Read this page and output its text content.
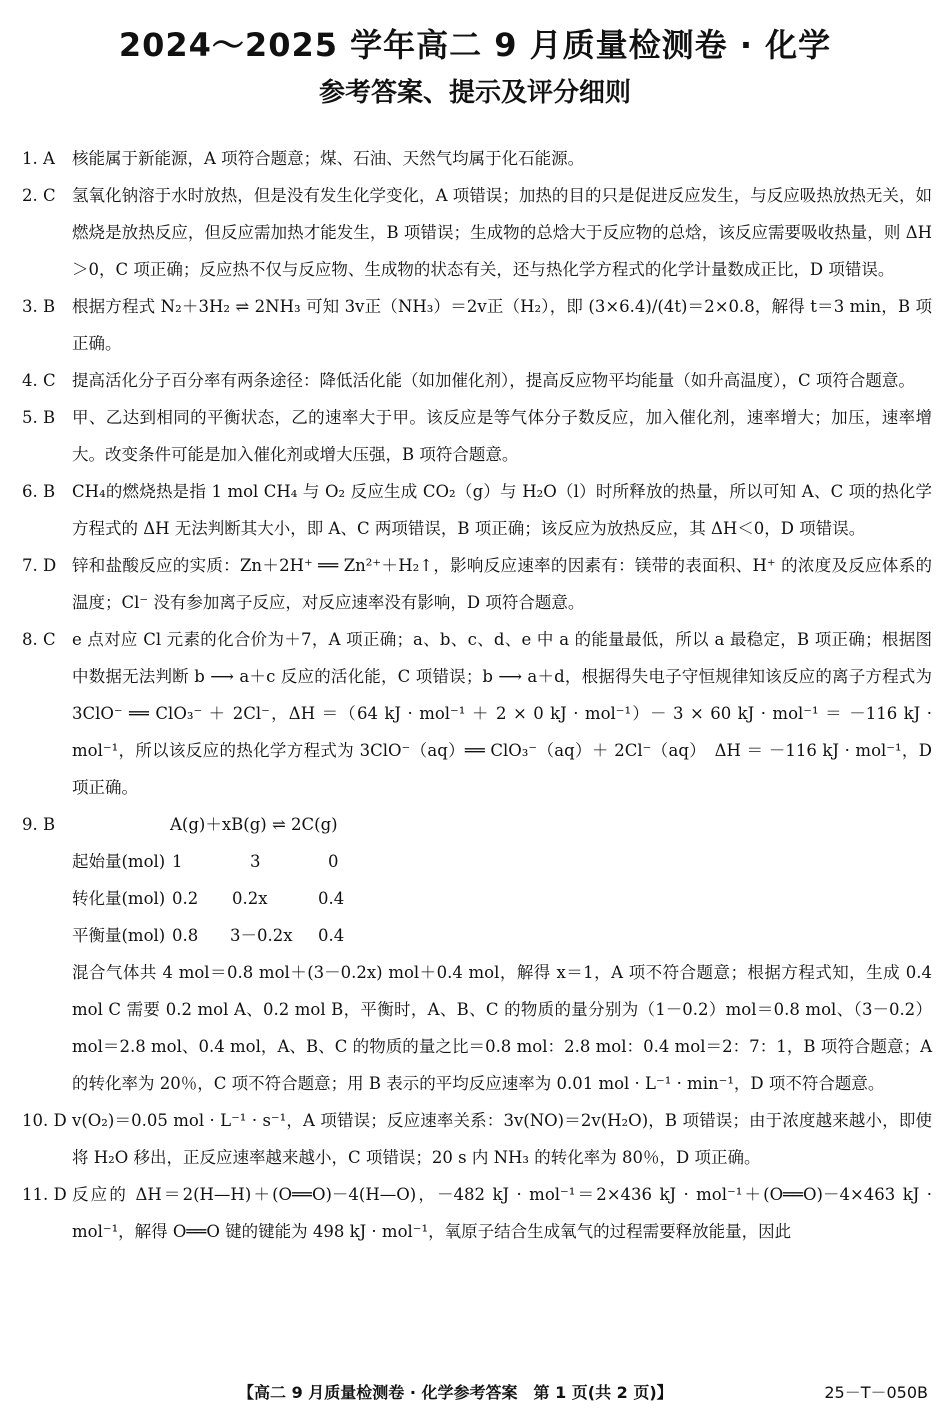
2024～2025 学年高二 9 月质量检测卷 · 化学
参考答案、提示及评分细则

1. A 核能属于新能源，A 项符合题意；煤、石油、天然气均属于化石能源。

2. C 氢氧化钠溶于水时放热，但是没有发生化学变化，A 项错误；加热的目的只是促进反应发生，与反应吸热放热无关，如燃烧是放热反应，但反应需加热才能发生，B 项错误；生成物的总焓大于反应物的总焓，该反应需要吸收热量，则 ΔH＞0，C 项正确；反应热不仅与反应物、生成物的状态有关，还与热化学方程式的化学计量数成正比，D 项错误。

3. B 根据方程式 N₂＋3H₂ ⇌ 2NH₃ 可知 3v正（NH₃）＝2v正（H₂），即 (3×6.4)/(4t)＝2×0.8，解得 t＝3 min，B 项正确。

4. C 提高活化分子百分率有两条途径：降低活化能（如加催化剂），提高反应物平均能量（如升高温度），C 项符合题意。

5. B 甲、乙达到相同的平衡状态，乙的速率大于甲。该反应是等气体分子数反应，加入催化剂，速率增大；加压，速率增大。改变条件可能是加入催化剂或增大压强，B 项符合题意。

6. B CH₄的燃烧热是指 1 mol CH₄ 与 O₂ 反应生成 CO₂（g）与 H₂O（l）时所释放的热量，所以可知 A、C 项的热化学方程式的 ΔH 无法判断其大小，即 A、C 两项错误，B 项正确；该反应为放热反应，其 ΔH＜0，D 项错误。

7. D 锌和盐酸反应的实质：Zn＋2H⁺ ══ Zn²⁺＋H₂↑，影响反应速率的因素有：镁带的表面积、H⁺ 的浓度及反应体系的温度；Cl⁻ 没有参加离子反应，对反应速率没有影响，D 项符合题意。

8. C e 点对应 Cl 元素的化合价为＋7，A 项正确；a、b、c、d、e 中 a 的能量最低，所以 a 最稳定，B 项正确；根据图中数据无法判断 b ⟶ a＋c 反应的活化能，C 项错误；b ⟶ a＋d，根据得失电子守恒规律知该反应的离子方程式为 3ClO⁻ ══ ClO₃⁻ ＋ 2Cl⁻，ΔH ＝（64 kJ · mol⁻¹ ＋ 2 × 0 kJ · mol⁻¹）－ 3 × 60 kJ · mol⁻¹ ＝ －116 kJ · mol⁻¹，所以该反应的热化学方程式为 3ClO⁻（aq）══ ClO₃⁻（aq）＋ 2Cl⁻（aq）　ΔH ＝ －116 kJ · mol⁻¹，D 项正确。

9. B	A(g)＋xB(g) ⇌ 2C(g)
起始量(mol) 1	3	0
转化量(mol) 0.2 0.2x	0.4
平衡量(mol) 0.8 3－0.2x 0.4

混合气体共 4 mol＝0.8 mol＋(3－0.2x) mol＋0.4 mol，解得 x＝1，A 项不符合题意；根据方程式知，生成 0.4 mol C 需要 0.2 mol A、0.2 mol B，平衡时，A、B、C 的物质的量分别为（1－0.2）mol＝0.8 mol、（3－0.2）mol＝2.8 mol、0.4 mol，A、B、C 的物质的量之比＝0.8 mol：2.8 mol：0.4 mol＝2：7：1，B 项符合题意；A 的转化率为 20％，C 项不符合题意；用 B 表示的平均反应速率为 0.01 mol · L⁻¹ · min⁻¹，D 项不符合题意。

10. D v(O₂)＝0.05 mol · L⁻¹ · s⁻¹，A 项错误；反应速率关系：3v(NO)＝2v(H₂O)，B 项错误；由于浓度越来越小，即使将 H₂O 移出，正反应速率越来越小，C 项错误；20 s 内 NH₃ 的转化率为 80％，D 项正确。

11. D 反应的 ΔH＝2(H—H)＋(O══O)－4(H—O)，－482 kJ · mol⁻¹＝2×436 kJ · mol⁻¹＋(O══O)－4×463 kJ · mol⁻¹，解得 O══O 键的键能为 498 kJ · mol⁻¹，氧原子结合生成氧气的过程需要释放能量，因此

【高二 9 月质量检测卷 · 化学参考答案　第 1 页(共 2 页)】	25－T－050B
